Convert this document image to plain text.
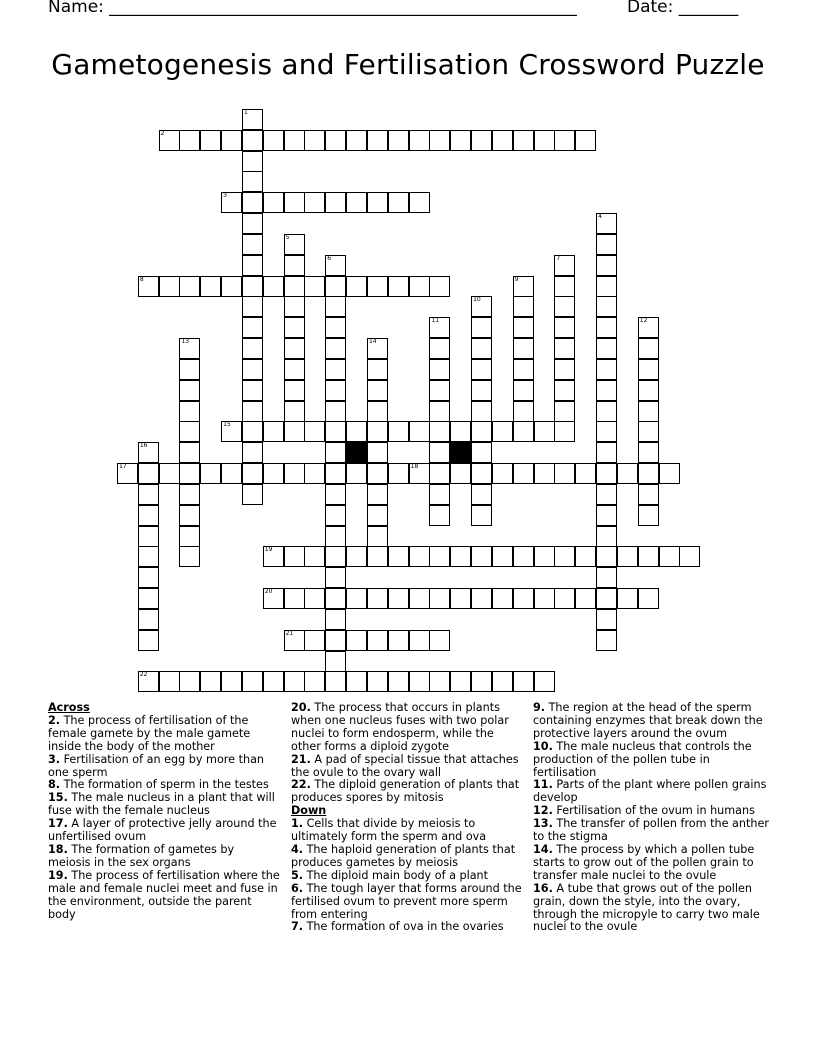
Name: _______________________________________________________	Date: _______
Gametogenesis and Fertilisation Crossword Puzzle
1
2
3
4
5
6	7
8	9
10
11	12
13	14
15
16
17	18
19
20
21
22
Across
2. The process of fertilisation of the female gamete by the male gamete inside the body of the mother
3. Fertilisation of an egg by more than one sperm
8. The formation of sperm in the testes
15. The male nucleus in a plant that will fuse with the female nucleus
17. A layer of protective jelly around the unfertilised ovum
18. The formation of gametes by meiosis in the sex organs
19. The process of fertilisation where the male and female nuclei meet and fuse in the environment, outside the parent body
20. The process that occurs in plants when one nucleus fuses with two polar nuclei to form endosperm, while the other forms a diploid zygote
21. A pad of special tissue that attaches the ovule to the ovary wall
22. The diploid generation of plants that produces spores by mitosis
Down
1. Cells that divide by meiosis to ultimately form the sperm and ova
4. The haploid generation of plants that produces gametes by meiosis
5. The diploid main body of a plant
6. The tough layer that forms around the fertilised ovum to prevent more sperm from entering
7. The formation of ova in the ovaries
9. The region at the head of the sperm containing enzymes that break down the protective layers around the ovum
10. The male nucleus that controls the production of the pollen tube in fertilisation
11. Parts of the plant where pollen grains develop
12. Fertilisation of the ovum in humans
13. The transfer of pollen from the anther to the stigma
14. The process by which a pollen tube starts to grow out of the pollen grain to transfer male nuclei to the ovule
16. A tube that grows out of the pollen grain, down the style, into the ovary, through the micropyle to carry two male nuclei to the ovule
